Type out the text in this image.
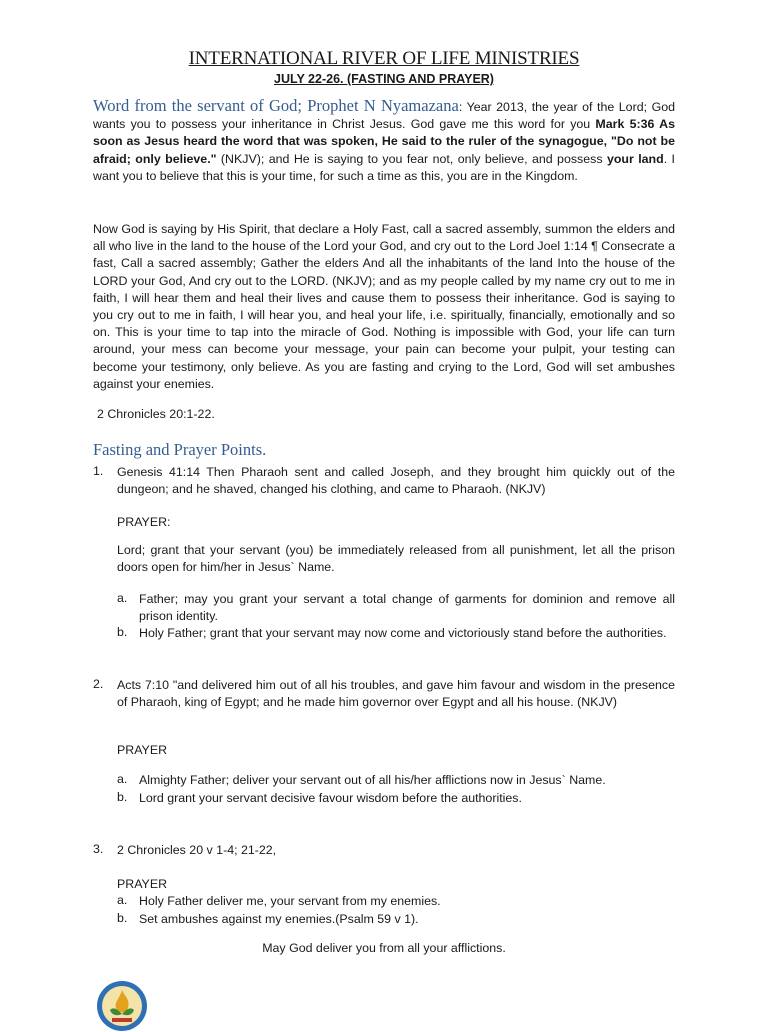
INTERNATIONAL RIVER OF LIFE MINISTRIES
JULY 22-26. (FASTING AND PRAYER)
Word from the servant of God; Prophet N Nyamazana: Year 2013, the year of the Lord; God wants you to possess your inheritance in Christ Jesus. God gave me this word for you Mark 5:36 As soon as Jesus heard the word that was spoken, He said to the ruler of the synagogue, "Do not be afraid; only believe." (NKJV); and He is saying to you fear not, only believe, and possess your land. I want you to believe that this is your time, for such a time as this, you are in the Kingdom.
Now God is saying by His Spirit, that declare a Holy Fast, call a sacred assembly, summon the elders and all who live in the land to the house of the Lord your God, and cry out to the Lord Joel 1:14 ¶ Consecrate a fast, Call a sacred assembly; Gather the elders And all the inhabitants of the land Into the house of the LORD your God, And cry out to the LORD. (NKJV); and as my people called by my name cry out to me in faith, I will hear them and heal their lives and cause them to possess their inheritance. God is saying to you cry out to me in faith, I will hear you, and heal your life, i.e. spiritually, financially, emotionally and so on. This is your time to tap into the miracle of God. Nothing is impossible with God, your life can turn around, your mess can become your message, your pain can become your pulpit, your testing can become your testimony, only believe. As you are fasting and crying to the Lord, God will set ambushes against your enemies.
2 Chronicles 20:1-22.
Fasting and Prayer Points.
1. Genesis 41:14 Then Pharaoh sent and called Joseph, and they brought him quickly out of the dungeon; and he shaved, changed his clothing, and came to Pharaoh. (NKJV)
PRAYER:
Lord; grant that your servant (you) be immediately released from all punishment, let all the prison doors open for him/her in Jesus` Name.
a. Father; may you grant your servant a total change of garments for dominion and remove all prison identity.
b. Holy Father; grant that your servant may now come and victoriously stand before the authorities.
2. Acts 7:10 "and delivered him out of all his troubles, and gave him favour and wisdom in the presence of Pharaoh, king of Egypt; and he made him governor over Egypt and all his house. (NKJV)
PRAYER
a. Almighty Father; deliver your servant out of all his/her afflictions now in Jesus` Name.
b. Lord grant your servant decisive favour wisdom before the authorities.
3. 2 Chronicles 20 v 1-4; 21-22,
PRAYER
a. Holy Father deliver me, your servant from my enemies.
b. Set ambushes against my enemies.(Psalm 59 v 1).
May God deliver you from all your afflictions.
